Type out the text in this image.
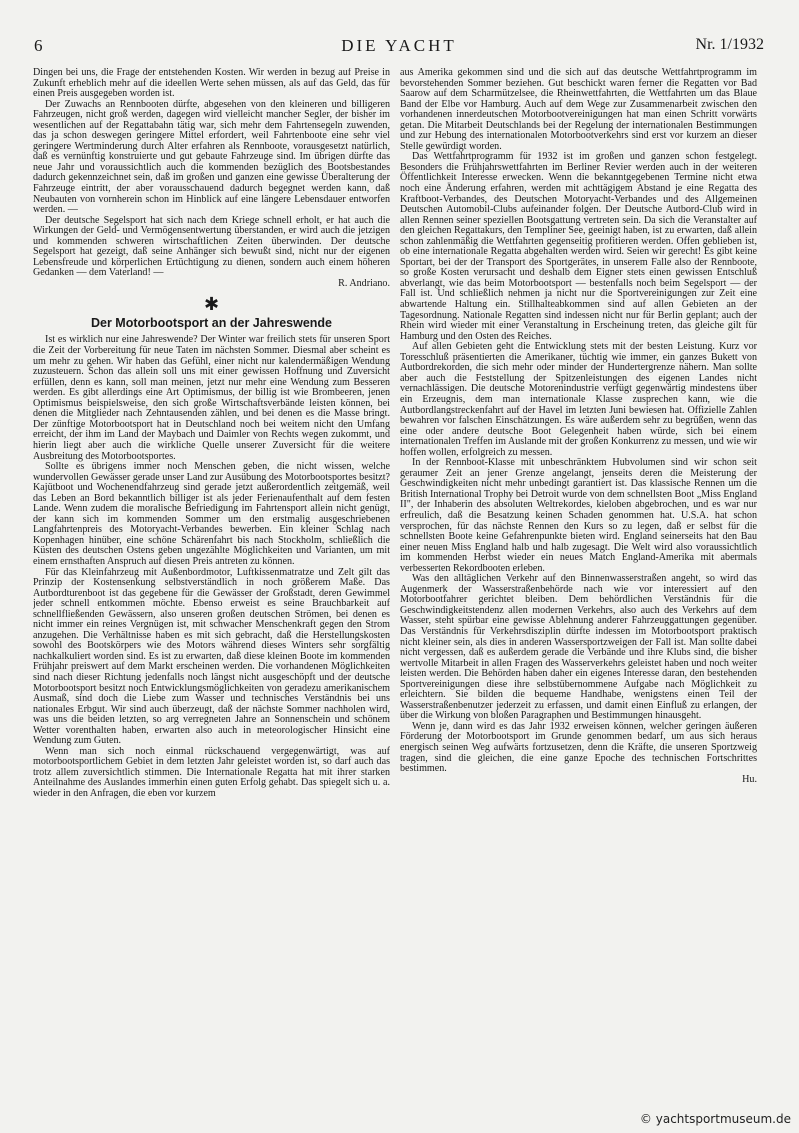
6	DIE YACHT	Nr. 1/1932

Dingen bei uns, die Frage der entstehenden Kosten. Wir werden in bezug auf Preise in Zukunft erheblich mehr auf die ideellen Werte sehen müssen, als auf das Geld, das für einen Preis ausgegeben worden ist.

Der Zuwachs an Rennbooten dürfte, abgesehen von den kleineren und billigeren Fahrzeugen, nicht groß werden, dagegen wird vielleicht mancher Segler, der bisher im wesentlichen auf der Regattabahn tätig war, sich mehr dem Fahrtensegeln zuwenden, das ja schon deswegen geringere Mittel erfordert, weil Fahrtenboote eine sehr viel geringere Wertminderung durch Alter erfahren als Rennboote, vorausgesetzt natürlich, daß es vernünftig konstruierte und gut gebaute Fahrzeuge sind. Im übrigen dürfte das neue Jahr und voraussichtlich auch die kommenden bezüglich des Bootsbestandes dadurch gekennzeichnet sein, daß im großen und ganzen eine gewisse Überalterung der Fahrzeuge eintritt, der aber vorausschauend dadurch begegnet werden kann, daß Neubauten von vornherein schon im Hinblick auf eine längere Lebensdauer entworfen werden. —

Der deutsche Segelsport hat sich nach dem Kriege schnell erholt, er hat auch die Wirkungen der Geld- und Vermögensentwertung überstanden, er wird auch die jetzigen und kommenden schweren wirtschaftlichen Zeiten überwinden. Der deutsche Segelsport hat gezeigt, daß seine Anhänger sich bewußt sind, nicht nur der eigenen Lebensfreude und körperlichen Ertüchtigung zu dienen, sondern auch einem höheren Gedanken — dem Vaterland! —

R. Andriano.

✱
Der Motorbootsport an der Jahreswende

Ist es wirklich nur eine Jahreswende? Der Winter war freilich stets für unseren Sport die Zeit der Vorbereitung für neue Taten im nächsten Sommer. Diesmal aber scheint es um mehr zu gehen. Wir haben das Gefühl, einer nicht nur kalendermäßigen Wendung zuzusteuern. Schon das allein soll uns mit einer gewissen Hoffnung und Zuversicht erfüllen, denn es kann, soll man meinen, jetzt nur mehr eine Wendung zum Besseren werden. Es gibt allerdings eine Art Optimismus, der billig ist wie Brombeeren, jenen Optimismus beispielsweise, den sich große Wirtschaftsverbände leisten können, bei denen die Mitglieder nach Zehntausenden zählen, und bei denen es die Masse bringt. Der zünftige Motorbootsport hat in Deutschland noch bei weitem nicht den Umfang erreicht, der ihm im Land der Maybach und Daimler von Rechts wegen zukommt, und hierin liegt aber auch die wirkliche Quelle unserer Zuversicht für die weitere Ausbreitung des Motorbootsportes.

Sollte es übrigens immer noch Menschen geben, die nicht wissen, welche wundervollen Gewässer gerade unser Land zur Ausübung des Motorbootsportes besitzt? Kajütboot und Wochenendfahrzeug sind gerade jetzt außerordentlich zeitgemäß, weil das Leben an Bord bekanntlich billiger ist als jeder Ferienaufenthalt auf dem festen Lande. Wenn zudem die moralische Befriedigung im Fahrtensport allein nicht genügt, der kann sich im kommenden Sommer um den erstmalig ausgeschriebenen Langfahrtenpreis des Motoryacht-Verbandes bewerben. Ein kleiner Schlag nach Kopenhagen hinüber, eine schöne Schärenfahrt bis nach Stockholm, schließlich die Küsten des deutschen Ostens geben ungezählte Möglichkeiten und Varianten, um mit einem ernsthaften Anspruch auf diesen Preis antreten zu können.

Für das Kleinfahrzeug mit Außenbordmotor, Luftkissenmatratze und Zelt gilt das Prinzip der Kostensenkung selbstverständlich in noch größerem Maße. Das Autbordturenboot ist das gegebene für die Gewässer der Großstadt, deren Gewimmel jeder schnell entkommen möchte. Ebenso erweist es seine Brauchbarkeit auf schnellfließenden Gewässern, also unseren großen deutschen Strömen, bei denen es nicht immer ein reines Vergnügen ist, mit schwacher Menschenkraft gegen den Strom anzugehen. Die Verhältnisse haben es mit sich gebracht, daß die Herstellungskosten sowohl des Bootskörpers wie des Motors während dieses Winters sehr sorgfältig nachkalkuliert worden sind. Es ist zu erwarten, daß diese kleinen Boote im kommenden Frühjahr preiswert auf dem Markt erscheinen werden. Die vorhandenen Möglichkeiten sind nach dieser Richtung jedenfalls noch längst nicht ausgeschöpft und der deutsche Motorbootsport besitzt noch Entwicklungsmöglichkeiten von geradezu amerikanischem Ausmaß, sind doch die Liebe zum Wasser und technisches Verständnis bei uns nationales Erbgut. Wir sind auch überzeugt, daß der nächste Sommer nachholen wird, was uns die beiden letzten, so arg verregneten Jahre an Sonnenschein und schönem Wetter vorenthalten haben, erwarten also auch in meteorologischer Hinsicht eine Wendung zum Guten.

Wenn man sich noch einmal rückschauend vergegenwärtigt, was auf motorbootsportlichem Gebiet in dem letzten Jahr geleistet worden ist, so darf auch das trotz allem zuversichtlich stimmen. Die Internationale Regatta hat mit ihrer starken Anteilnahme des Auslandes immerhin einen guten Erfolg gehabt. Das spiegelt sich u. a. wieder in den Anfragen, die eben vor kurzem

aus Amerika gekommen sind und die sich auf das deutsche Wettfahrtprogramm im bevorstehenden Sommer beziehen. Gut beschickt waren ferner die Regatten vor Bad Saarow auf dem Scharmützelsee, die Rheinwettfahrten, die Wettfahrten um das Blaue Band der Elbe vor Hamburg. Auch auf dem Wege zur Zusammenarbeit zwischen den vorhandenen innerdeutschen Motorbootvereinigungen hat man einen Schritt vorwärts getan. Die Mitarbeit Deutschlands bei der Regelung der internationalen Bestimmungen und zur Hebung des internationalen Motorbootverkehrs sind erst vor kurzem an dieser Stelle gewürdigt worden.

Das Wettfahrtprogramm für 1932 ist im großen und ganzen schon festgelegt. Besonders die Frühjahrswettfahrten im Berliner Revier werden auch in der weiteren Öffentlichkeit Interesse erwecken. Wenn die bekanntgegebenen Termine nicht etwa noch eine Änderung erfahren, werden mit achttägigem Abstand je eine Regatta des Kraftboot-Verbandes, des Deutschen Motoryacht-Verbandes und des Allgemeinen Deutschen Automobil-Clubs aufeinander folgen. Der Deutsche Autbord-Club wird in allen Rennen seiner speziellen Bootsgattung vertreten sein. Da sich die Veranstalter auf den gleichen Regattakurs, den Templiner See, geeinigt haben, ist zu erwarten, daß allein schon zahlenmäßig die Wettfahrten gegenseitig profitieren werden. Offen geblieben ist, ob eine internationale Regatta abgehalten werden wird. Seien wir gerecht! Es gibt keine Sportart, bei der der Transport des Sportgerätes, in unserem Falle also der Rennboote, so große Kosten verursacht und deshalb dem Eigner stets einen gewissen Entschluß abverlangt, wie das beim Motorbootsport — bestenfalls noch beim Segelsport — der Fall ist. Und schließlich nehmen ja nicht nur die Sportvereinigungen zur Zeit eine abwartende Haltung ein. Stillhalteabkommen sind auf allen Gebieten an der Tagesordnung. Nationale Regatten sind indessen nicht nur für Berlin geplant; auch der Rhein wird wieder mit einer Veranstaltung in Erscheinung treten, das gleiche gilt für Hamburg und den Osten des Reiches.

Auf allen Gebieten geht die Entwicklung stets mit der besten Leistung. Kurz vor Toresschluß präsentierten die Amerikaner, tüchtig wie immer, ein ganzes Bukett von Autbordrekorden, die sich mehr oder minder der Hundertergrenze nähern. Man sollte aber auch die Feststellung der Spitzenleistungen des eigenen Landes nicht vernachlässigen. Die deutsche Motorenindustrie verfügt gegenwärtig mindestens über ein Erzeugnis, dem man internationale Klasse zusprechen kann, wie die Autbordlangstreckenfahrt auf der Havel im letzten Juni bewiesen hat. Offizielle Zahlen bewahren vor falschen Einschätzungen. Es wäre außerdem sehr zu begrüßen, wenn das eine oder andere deutsche Boot Gelegenheit haben würde, sich bei einem internationalen Treffen im Auslande mit der großen Konkurrenz zu messen, und wie wir hoffen wollen, erfolgreich zu messen.

In der Rennboot-Klasse mit unbeschränktem Hubvolumen sind wir schon seit geraumer Zeit an jener Grenze angelangt, jenseits deren die Meisterung der Geschwindigkeiten nicht mehr unbedingt garantiert ist. Das klassische Rennen um die British International Trophy bei Detroit wurde von dem schnellsten Boot „Miss England II", der Inhaberin des absoluten Weltrekordes, kieloben abgebrochen, und es war nur erfreulich, daß die Besatzung keinen Schaden genommen hat. U.S.A. hat schon versprochen, für das nächste Rennen den Kurs so zu legen, daß er selbst für die schnellsten Boote keine Gefahrenpunkte bieten wird. England seinerseits hat den Bau einer neuen Miss England halb und halb zugesagt. Die Welt wird also voraussichtlich im kommenden Herbst wieder ein neues Match England-Amerika mit abermals verbesserten Rekordbooten erleben.

Was den alltäglichen Verkehr auf den Binnenwasserstraßen angeht, so wird das Augenmerk der Wasserstraßenbehörde nach wie vor interessiert auf den Motorbootfahrer gerichtet bleiben. Dem behördlichen Verständnis für die Geschwindigkeitstendenz allen modernen Verkehrs, also auch des Verkehrs auf dem Wasser, steht spürbar eine gewisse Ablehnung anderer Fahrzeuggattungen gegenüber. Das Verständnis für Verkehrsdisziplin dürfte indessen im Motorbootsport praktisch nicht kleiner sein, als dies in anderen Wassersportzweigen der Fall ist. Man sollte dabei nicht vergessen, daß es außerdem gerade die Verbände und ihre Klubs sind, die bisher wertvolle Mitarbeit in allen Fragen des Wasserverkehrs geleistet haben und noch weiter leisten werden. Die Behörden haben daher ein eigenes Interesse daran, den bestehenden Sportvereinigungen diese ihre selbstübernommene Aufgabe nach Möglichkeit zu erleichtern. Sie bilden die bequeme Handhabe, wenigstens einen Teil der Wasserstraßenbenutzer jederzeit zu erfassen, und damit einen Einfluß zu erlangen, der über die Wirkung von bloßen Paragraphen und Bestimmungen hinausgeht.

Wenn je, dann wird es das Jahr 1932 erweisen können, welcher geringen äußeren Förderung der Motorbootsport im Grunde genommen bedarf, um aus sich heraus energisch seinen Weg aufwärts fortzusetzen, denn die Kräfte, die unseren Sportzweig tragen, sind die gleichen, die eine ganze Epoche des technischen Fortschrittes bestimmen.

Hu.

© yachtsportmuseum.de
